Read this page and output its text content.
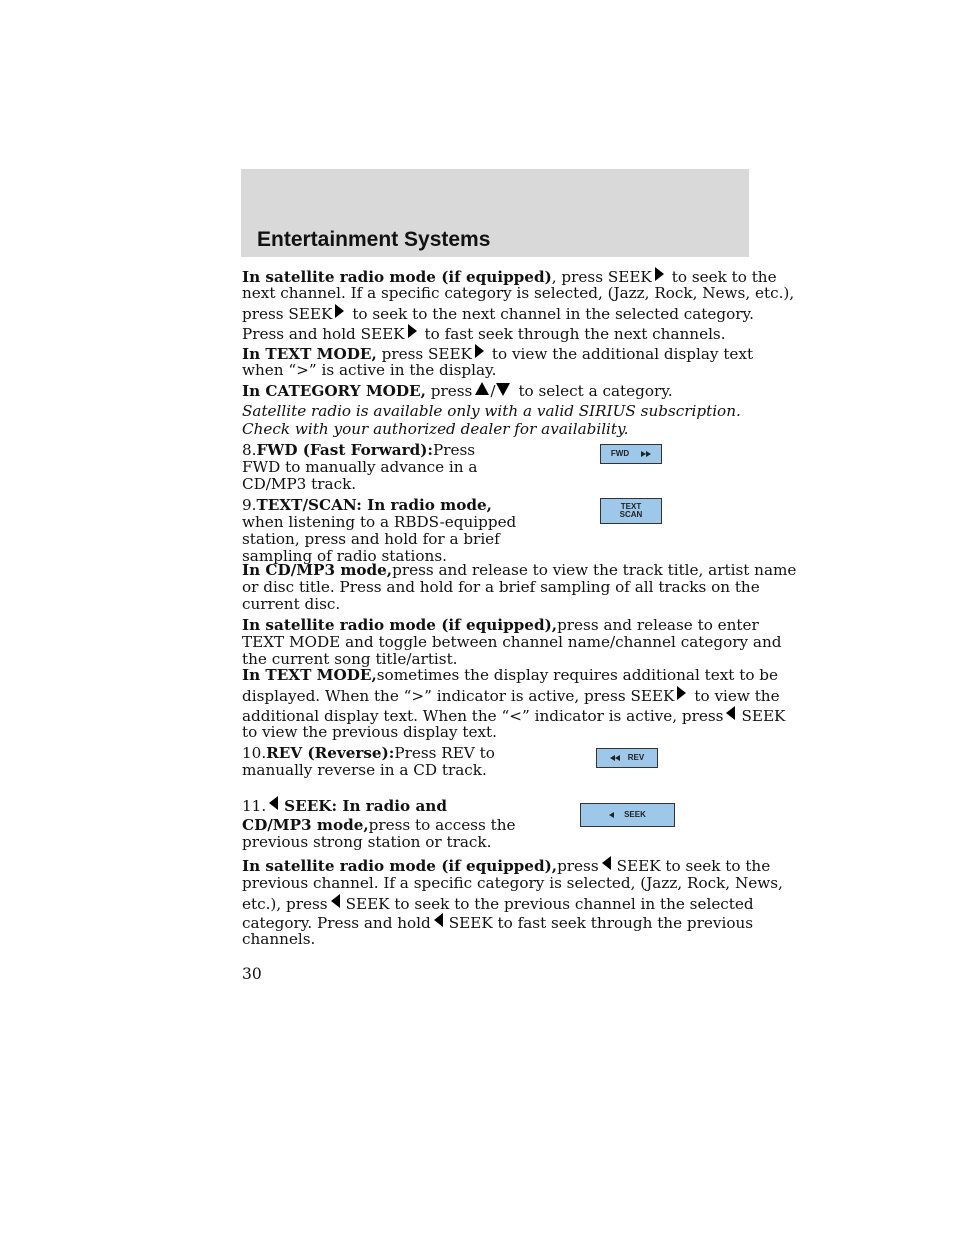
Entertainment Systems
In satellite radio mode (if equipped), press SEEK to seek to the
next channel. If a specific category is selected, (Jazz, Rock, News, etc.),
press SEEK to seek to the next channel in the selected category.
Press and hold SEEK to fast seek through the next channels.
In TEXT MODE, press SEEK to view the additional display text
when “>” is active in the display.
In CATEGORY MODE, press / to select a category.
Satellite radio is available only with a valid SIRIUS subscription.
Check with your authorized dealer for availability.
8.FWD (Fast Forward):Press
FWD to manually advance in a
CD/MP3 track.
FWD
9.TEXT/SCAN: In radio mode,
when listening to a RBDS-equipped
station, press and hold for a brief
sampling of radio stations.
TEXT
SCAN
In CD/MP3 mode,press and release to view the track title, artist name
or disc title. Press and hold for a brief sampling of all tracks on the
current disc.
In satellite radio mode (if equipped),press and release to enter
TEXT MODE and toggle between channel name/channel category and
the current song title/artist.
In TEXT MODE,sometimes the display requires additional text to be
displayed. When the “>” indicator is active, press SEEK to view the
additional display text. When the “<” indicator is active, press SEEK
to view the previous display text.
10.REV (Reverse):Press REV to
manually reverse in a CD track.
REV
11. SEEK: In radio and
CD/MP3 mode,press to access the
previous strong station or track.
SEEK
In satellite radio mode (if equipped),press SEEK to seek to the
previous channel. If a specific category is selected, (Jazz, Rock, News,
etc.), press SEEK to seek to the previous channel in the selected
category. Press and hold SEEK to fast seek through the previous
channels.
30
